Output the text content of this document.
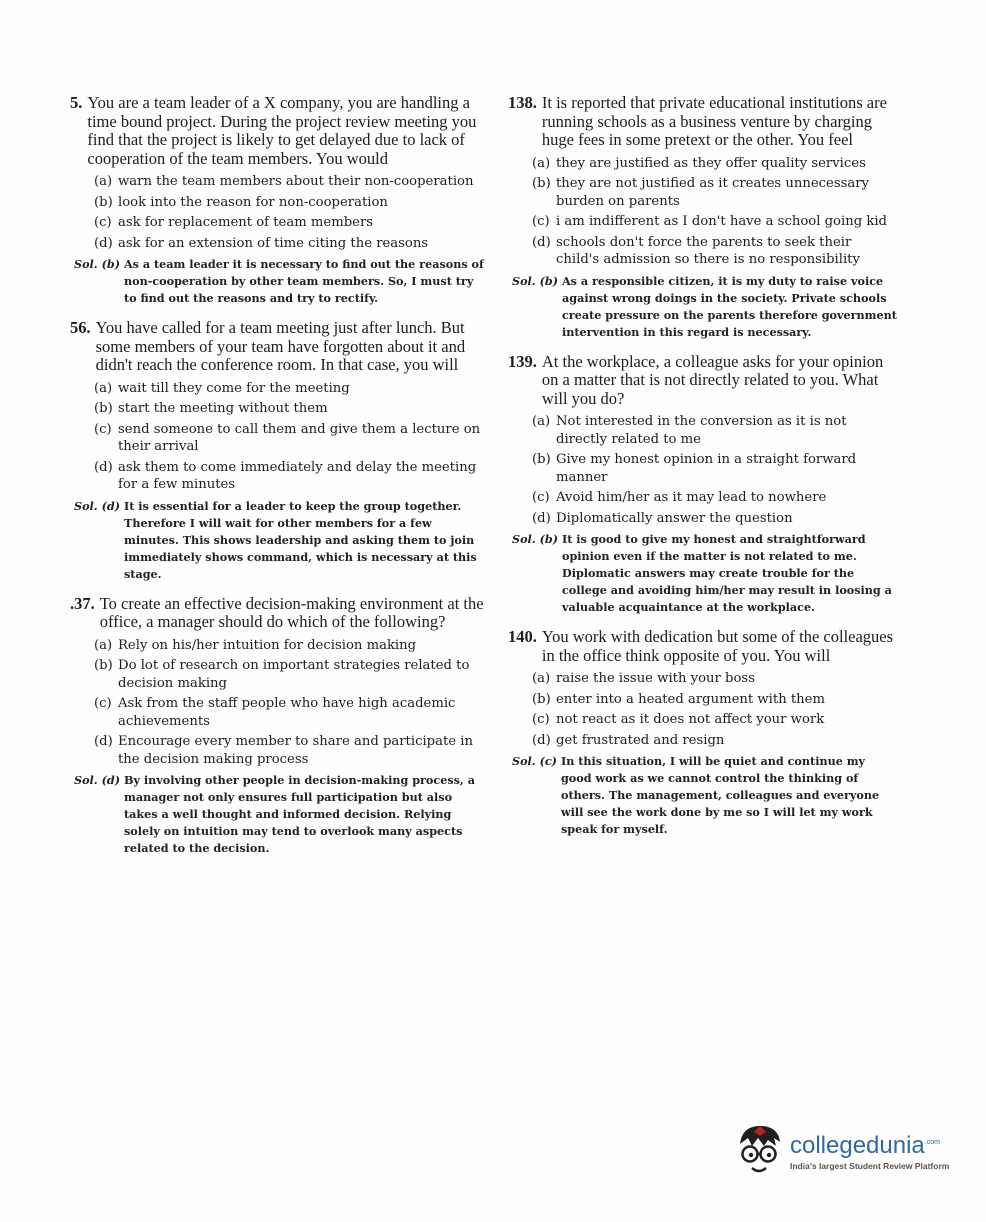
5. You are a team leader of a X company, you are handling a time bound project. During the project review meeting you find that the project is likely to get delayed due to lack of cooperation of the team members. You would
(a) warn the team members about their non-cooperation
(b) look into the reason for non-cooperation
(c) ask for replacement of team members
(d) ask for an extension of time citing the reasons
Sol. (b) As a team leader it is necessary to find out the reasons of non-cooperation by other team members. So, I must try to find out the reasons and try to rectify.
56. You have called for a team meeting just after lunch. But some members of your team have forgotten about it and didn't reach the conference room. In that case, you will
(a) wait till they come for the meeting
(b) start the meeting without them
(c) send someone to call them and give them a lecture on their arrival
(d) ask them to come immediately and delay the meeting for a few minutes
Sol. (d) It is essential for a leader to keep the group together. Therefore I will wait for other members for a few minutes. This shows leadership and asking them to join immediately shows command, which is necessary at this stage.
.37. To create an effective decision-making environment at the office, a manager should do which of the following?
(a) Rely on his/her intuition for decision making
(b) Do lot of research on important strategies related to decision making
(c) Ask from the staff people who have high academic achievements
(d) Encourage every member to share and participate in the decision making process
Sol. (d) By involving other people in decision-making process, a manager not only ensures full participation but also takes a well thought and informed decision. Relying solely on intuition may tend to overlook many aspects related to the decision.
138. It is reported that private educational institutions are running schools as a business venture by charging huge fees in some pretext or the other. You feel
(a) they are justified as they offer quality services
(b) they are not justified as it creates unnecessary burden on parents
(c) i am indifferent as I don't have a school going kid
(d) schools don't force the parents to seek their child's admission so there is no responsibility
Sol. (b) As a responsible citizen, it is my duty to raise voice against wrong doings in the society. Private schools create pressure on the parents therefore government intervention in this regard is necessary.
139. At the workplace, a colleague asks for your opinion on a matter that is not directly related to you. What will you do?
(a) Not interested in the conversion as it is not directly related to me
(b) Give my honest opinion in a straight forward manner
(c) Avoid him/her as it may lead to nowhere
(d) Diplomatically answer the question
Sol. (b) It is good to give my honest and straightforward opinion even if the matter is not related to me. Diplomatic answers may create trouble for the college and avoiding him/her may result in loosing a valuable acquaintance at the workplace.
140. You work with dedication but some of the colleagues in the office think opposite of you. You will
(a) raise the issue with your boss
(b) enter into a heated argument with them
(c) not react as it does not affect your work
(d) get frustrated and resign
Sol. (c) In this situation, I will be quiet and continue my good work as we cannot control the thinking of others. The management, colleagues and everyone will see the work done by me so I will let my work speak for myself.
collegedunia$^{.com}$
India's largest Student Review Platform
